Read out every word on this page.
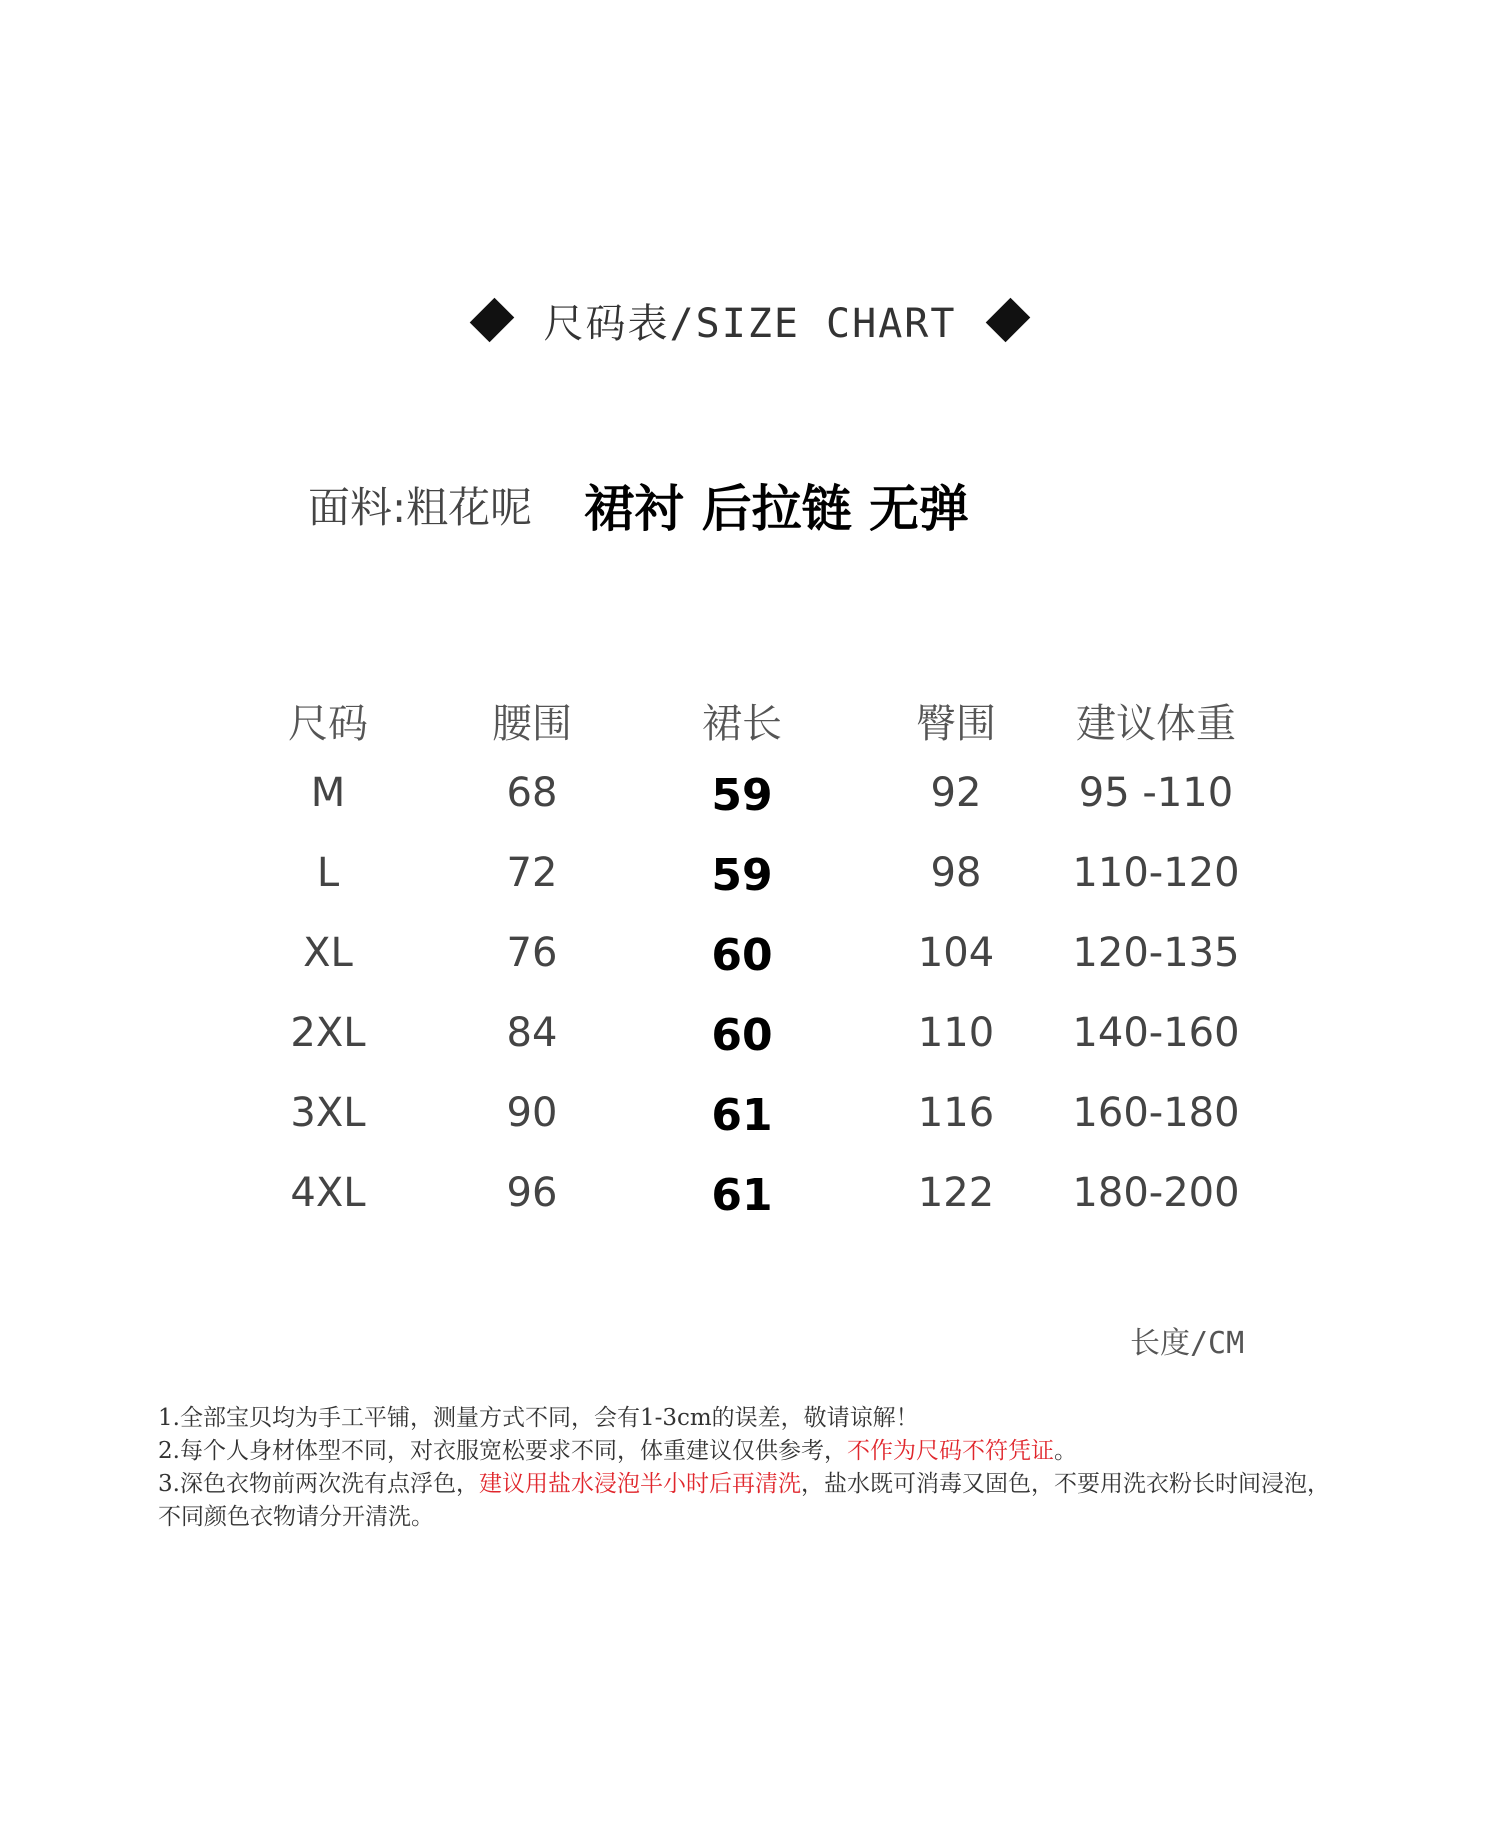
尺码表/SIZE CHART
面料: 粗花呢 裙衬 后拉链 无弹
尺码	腰围	裙长	臀围	建议体重
M	68	59	92	95 -110
L	72	59	98	110-120
XL	76	60	104	120-135
2XL	84	60	110	140-160
3XL	90	61	116	160-180
4XL	96	61	122	180-200
长度/CM

1.全部宝贝均为手工平铺，测量方式不同，会有1-3cm的误差，敬请谅解！

2.每个人身材体型不同，对衣服宽松要求不同，体重建议仅供参考，不作为尺码不符凭证。

3.深色衣物前两次洗有点浮色，建议用盐水浸泡半小时后再清洗，盐水既可消毒又固色，不要用洗衣粉长时间浸泡，不同颜色衣物请分开清洗。
